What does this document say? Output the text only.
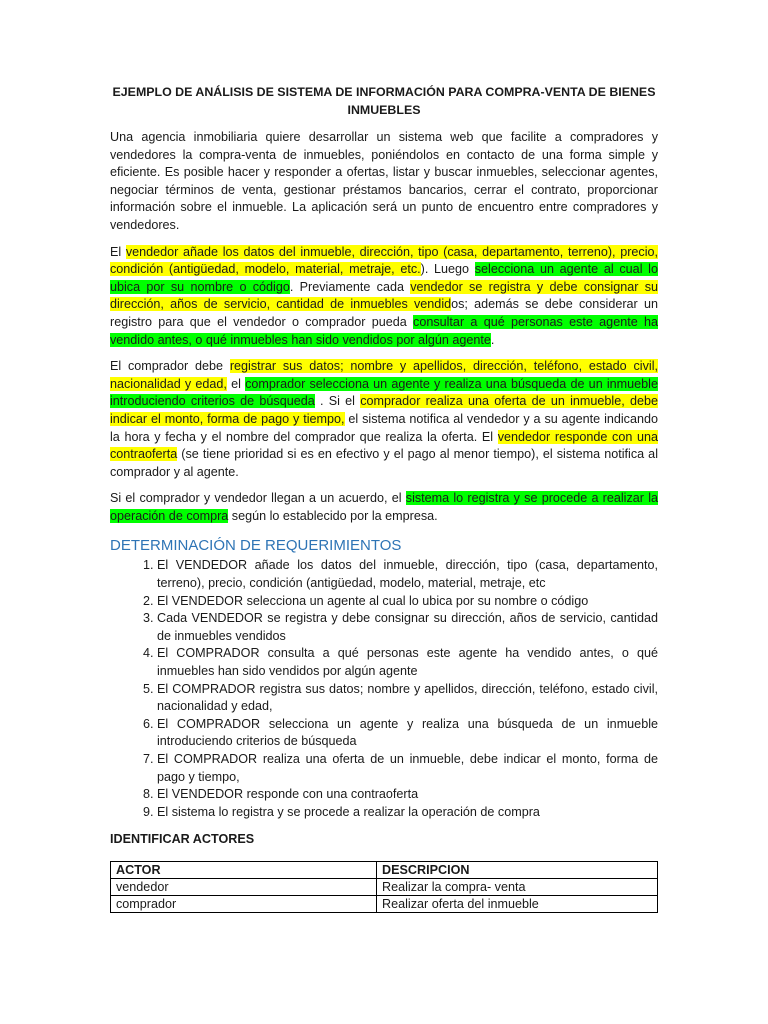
EJEMPLO DE ANÁLISIS DE SISTEMA DE INFORMACIÓN PARA COMPRA-VENTA DE BIENES INMUEBLES

Una agencia inmobiliaria quiere desarrollar un sistema web que facilite a compradores y vendedores la compra-venta de inmuebles, poniéndolos en contacto de una forma simple y eficiente. Es posible hacer y responder a ofertas, listar y buscar inmuebles, seleccionar agentes, negociar términos de venta, gestionar préstamos bancarios, cerrar el contrato, proporcionar información sobre el inmueble. La aplicación será un punto de encuentro entre compradores y vendedores.

El vendedor añade los datos del inmueble, dirección, tipo (casa, departamento, terreno), precio, condición (antigüedad, modelo, material, metraje, etc.). Luego selecciona un agente al cual lo ubica por su nombre o código. Previamente cada vendedor se registra y debe consignar su dirección, años de servicio, cantidad de inmuebles vendidos; además se debe considerar un registro para que el vendedor o comprador pueda consultar a qué personas este agente ha vendido antes, o qué inmuebles han sido vendidos por algún agente.

El comprador debe registrar sus datos; nombre y apellidos, dirección, teléfono, estado civil, nacionalidad y edad, el comprador selecciona un agente y realiza una búsqueda de un inmueble introduciendo criterios de búsqueda . Si el comprador realiza una oferta de un inmueble, debe indicar el monto, forma de pago y tiempo, el sistema notifica al vendedor y a su agente indicando la hora y fecha y el nombre del comprador que realiza la oferta. El vendedor responde con una contraoferta (se tiene prioridad si es en efectivo y el pago al menor tiempo), el sistema notifica al comprador y al agente.

Si el comprador y vendedor llegan a un acuerdo, el sistema lo registra y se procede a realizar la operación de compra según lo establecido por la empresa.

DETERMINACIÓN DE REQUERIMIENTOS
1. El VENDEDOR añade los datos del inmueble, dirección, tipo (casa, departamento, terreno), precio, condición (antigüedad, modelo, material, metraje, etc
2. El VENDEDOR selecciona un agente al cual lo ubica por su nombre o código
3. Cada VENDEDOR se registra y debe consignar su dirección, años de servicio, cantidad de inmuebles vendidos
4. El COMPRADOR consulta a qué personas este agente ha vendido antes, o qué inmuebles han sido vendidos por algún agente
5. El COMPRADOR registra sus datos; nombre y apellidos, dirección, teléfono, estado civil, nacionalidad y edad,
6. El COMPRADOR selecciona un agente y realiza una búsqueda de un inmueble introduciendo criterios de búsqueda
7. El COMPRADOR realiza una oferta de un inmueble, debe indicar el monto, forma de pago y tiempo,
8. El VENDEDOR responde con una contraoferta
9. El sistema lo registra y se procede a realizar la operación de compra
IDENTIFICAR ACTORES
ACTOR	DESCRIPCION
vendedor	Realizar la compra- venta
comprador	Realizar oferta del inmueble
